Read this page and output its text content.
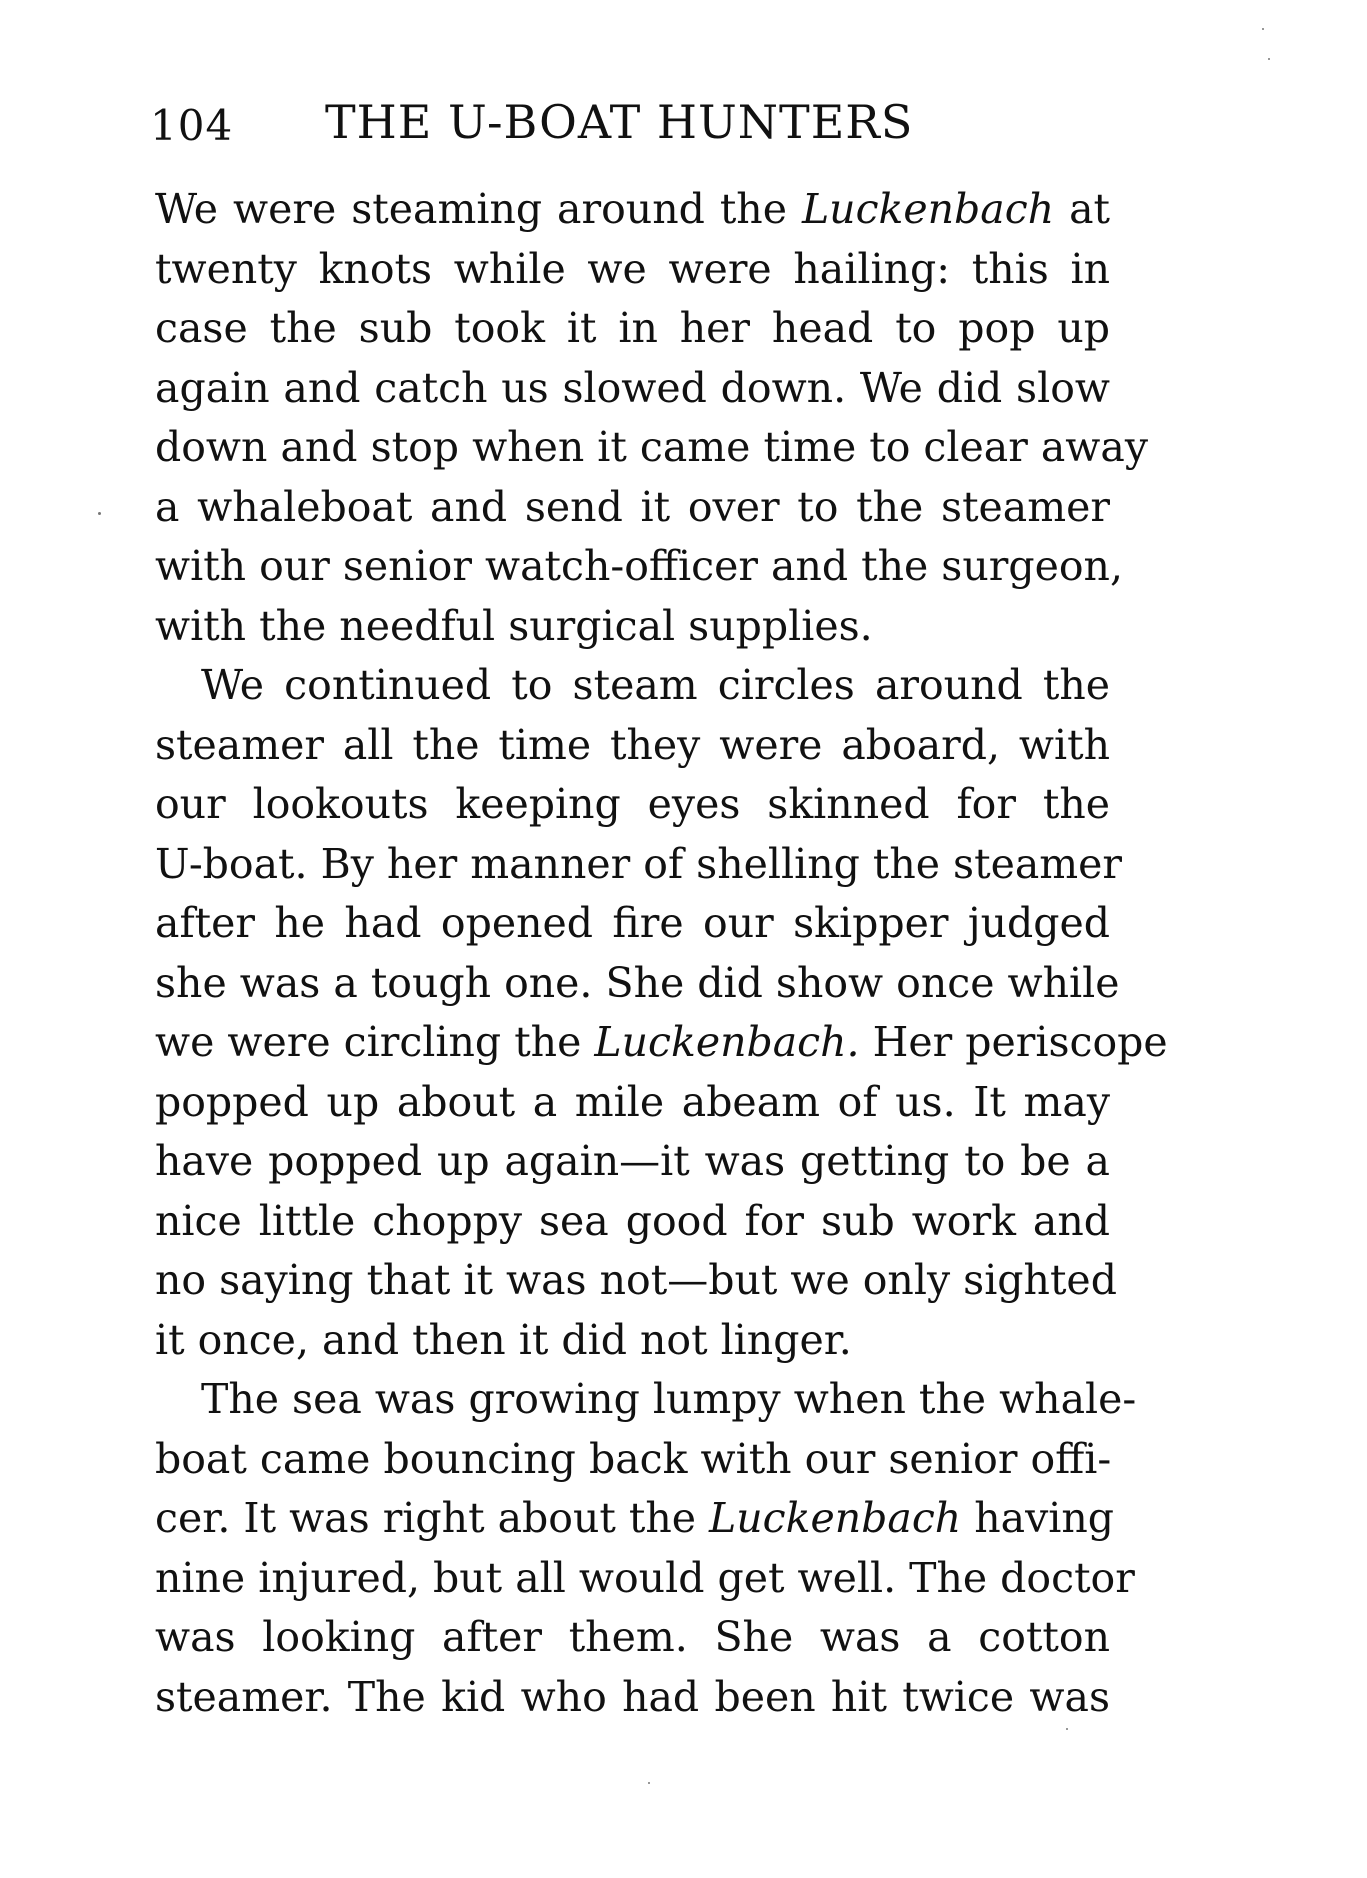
104 THE U-BOAT HUNTERS
We were steaming around the Luckenbach at
twenty knots while we were hailing: this in
case the sub took it in her head to pop up
again and catch us slowed down. We did slow
down and stop when it came time to clear away
a whaleboat and send it over to the steamer
with our senior watch-officer and the surgeon,
with the needful surgical supplies.
We continued to steam circles around the
steamer all the time they were aboard, with
our lookouts keeping eyes skinned for the
U-boat. By her manner of shelling the steamer
after he had opened fire our skipper judged
she was a tough one. She did show once while
we were circling the Luckenbach. Her periscope
popped up about a mile abeam of us. It may
have popped up again—it was getting to be a
nice little choppy sea good for sub work and
no saying that it was not—but we only sighted
it once, and then it did not linger.
The sea was growing lumpy when the whale-
boat came bouncing back with our senior offi-
cer. It was right about the Luckenbach having
nine injured, but all would get well. The doctor
was looking after them. She was a cotton
steamer. The kid who had been hit twice was
